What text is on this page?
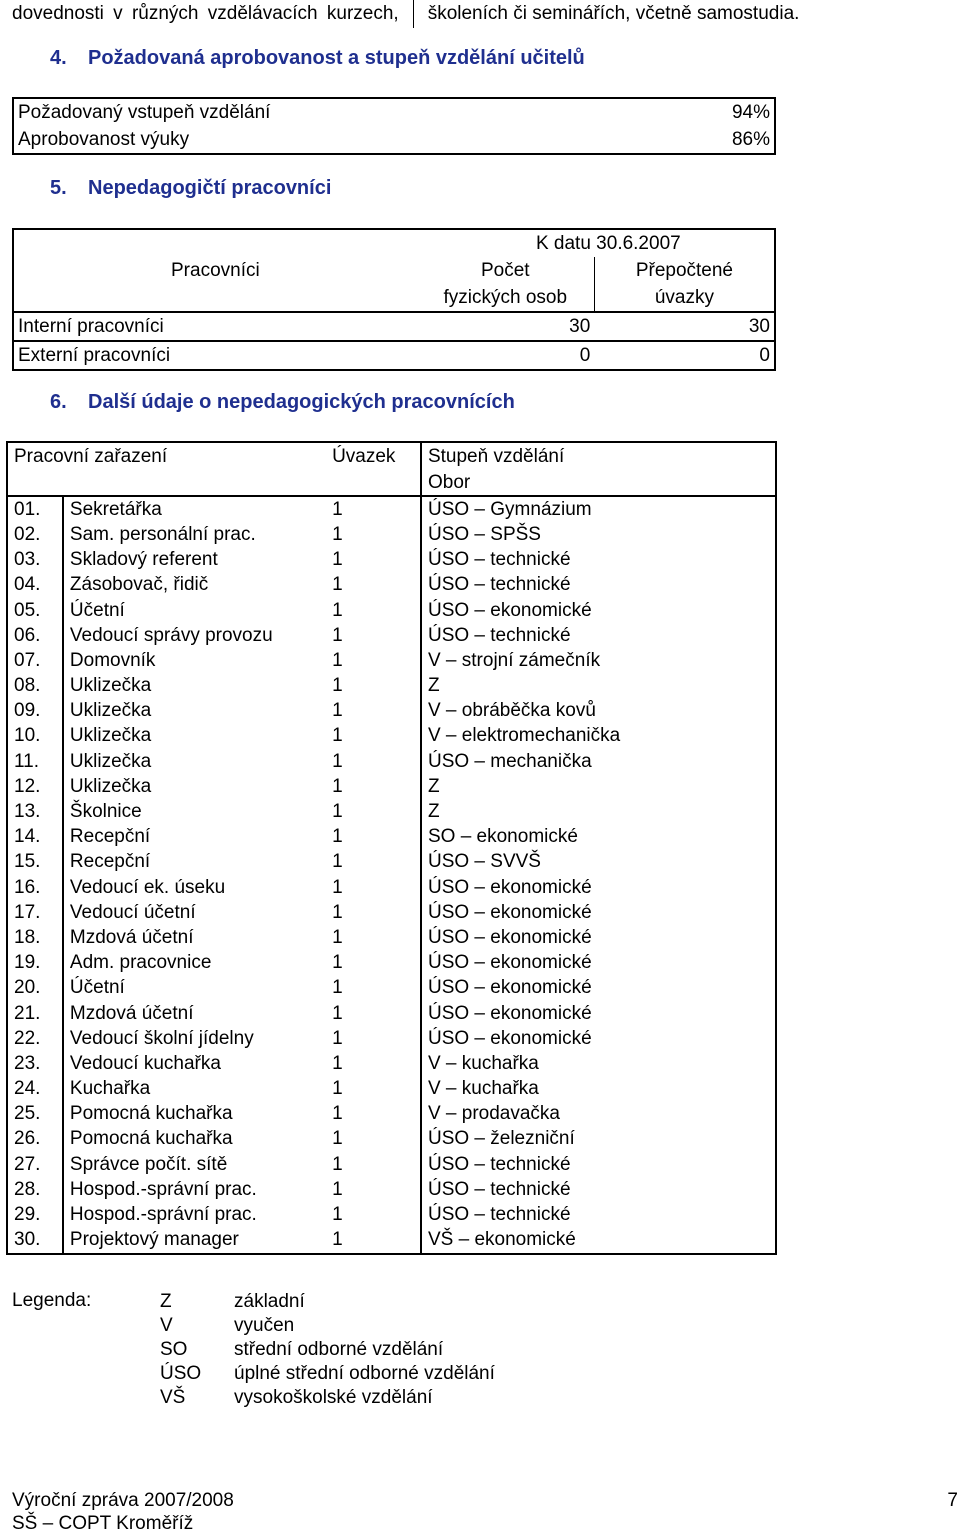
dovednosti v různých vzdělávacích kurzech, školeních či seminářích, včetně samostudia.
4. Požadovaná aprobovanost a stupeň vzdělání učitelů
Požadovaný vstupeň vzdělání	94%
Aprobovanost výuky	86%
5. Nepedagogičtí pracovníci
	K datu 30.6.2007	
Pracovníci	Počet	Přepočtené
	fyzických osob	úvazky
Interní pracovníci	30	30
Externí pracovníci	0	0
6. Další údaje o nepedagogických pracovnících
Pracovní zařazení		Úvazek	Stupeň vzdělání
			Obor
01.	Sekretářka	1	ÚSO – Gymnázium
02.	Sam. personální prac.	1	ÚSO – SPŠS
03.	Skladový referent	1	ÚSO – technické
04.	Zásobovač, řidič	1	ÚSO – technické
05.	Účetní	1	ÚSO – ekonomické
06.	Vedoucí správy provozu	1	ÚSO – technické
07.	Domovník	1	V – strojní zámečník
08.	Uklizečka	1	Z
09.	Uklizečka	1	V – obráběčka kovů
10.	Uklizečka	1	V – elektromechanička
11.	Uklizečka	1	ÚSO – mechanička
12.	Uklizečka	1	Z
13.	Školnice	1	Z
14.	Recepční	1	SO – ekonomické
15.	Recepční	1	ÚSO – SVVŠ
16.	Vedoucí ek. úseku	1	ÚSO – ekonomické
17.	Vedoucí účetní	1	ÚSO – ekonomické
18.	Mzdová účetní	1	ÚSO – ekonomické
19.	Adm. pracovnice	1	ÚSO – ekonomické
20.	Účetní	1	ÚSO – ekonomické
21.	Mzdová účetní	1	ÚSO – ekonomické
22.	Vedoucí školní jídelny	1	ÚSO – ekonomické
23.	Vedoucí kuchařka	1	V – kuchařka
24.	Kuchařka	1	V – kuchařka
25.	Pomocná kuchařka	1	V – prodavačka
26.	Pomocná kuchařka	1	ÚSO – železniční
27.	Správce počít. sítě	1	ÚSO – technické
28.	Hospod.-správní prac.	1	ÚSO – technické
29.	Hospod.-správní prac.	1	ÚSO – technické
30.	Projektový manager	1	VŠ – ekonomické
Legenda:	Z	základní
V	vyučen
SO	střední odborné vzdělání
ÚSO	úplné střední odborné vzdělání
VŠ	vysokoškolské vzdělání
Výroční zpráva 2007/2008
SŠ – COPT Kroměříž
7
